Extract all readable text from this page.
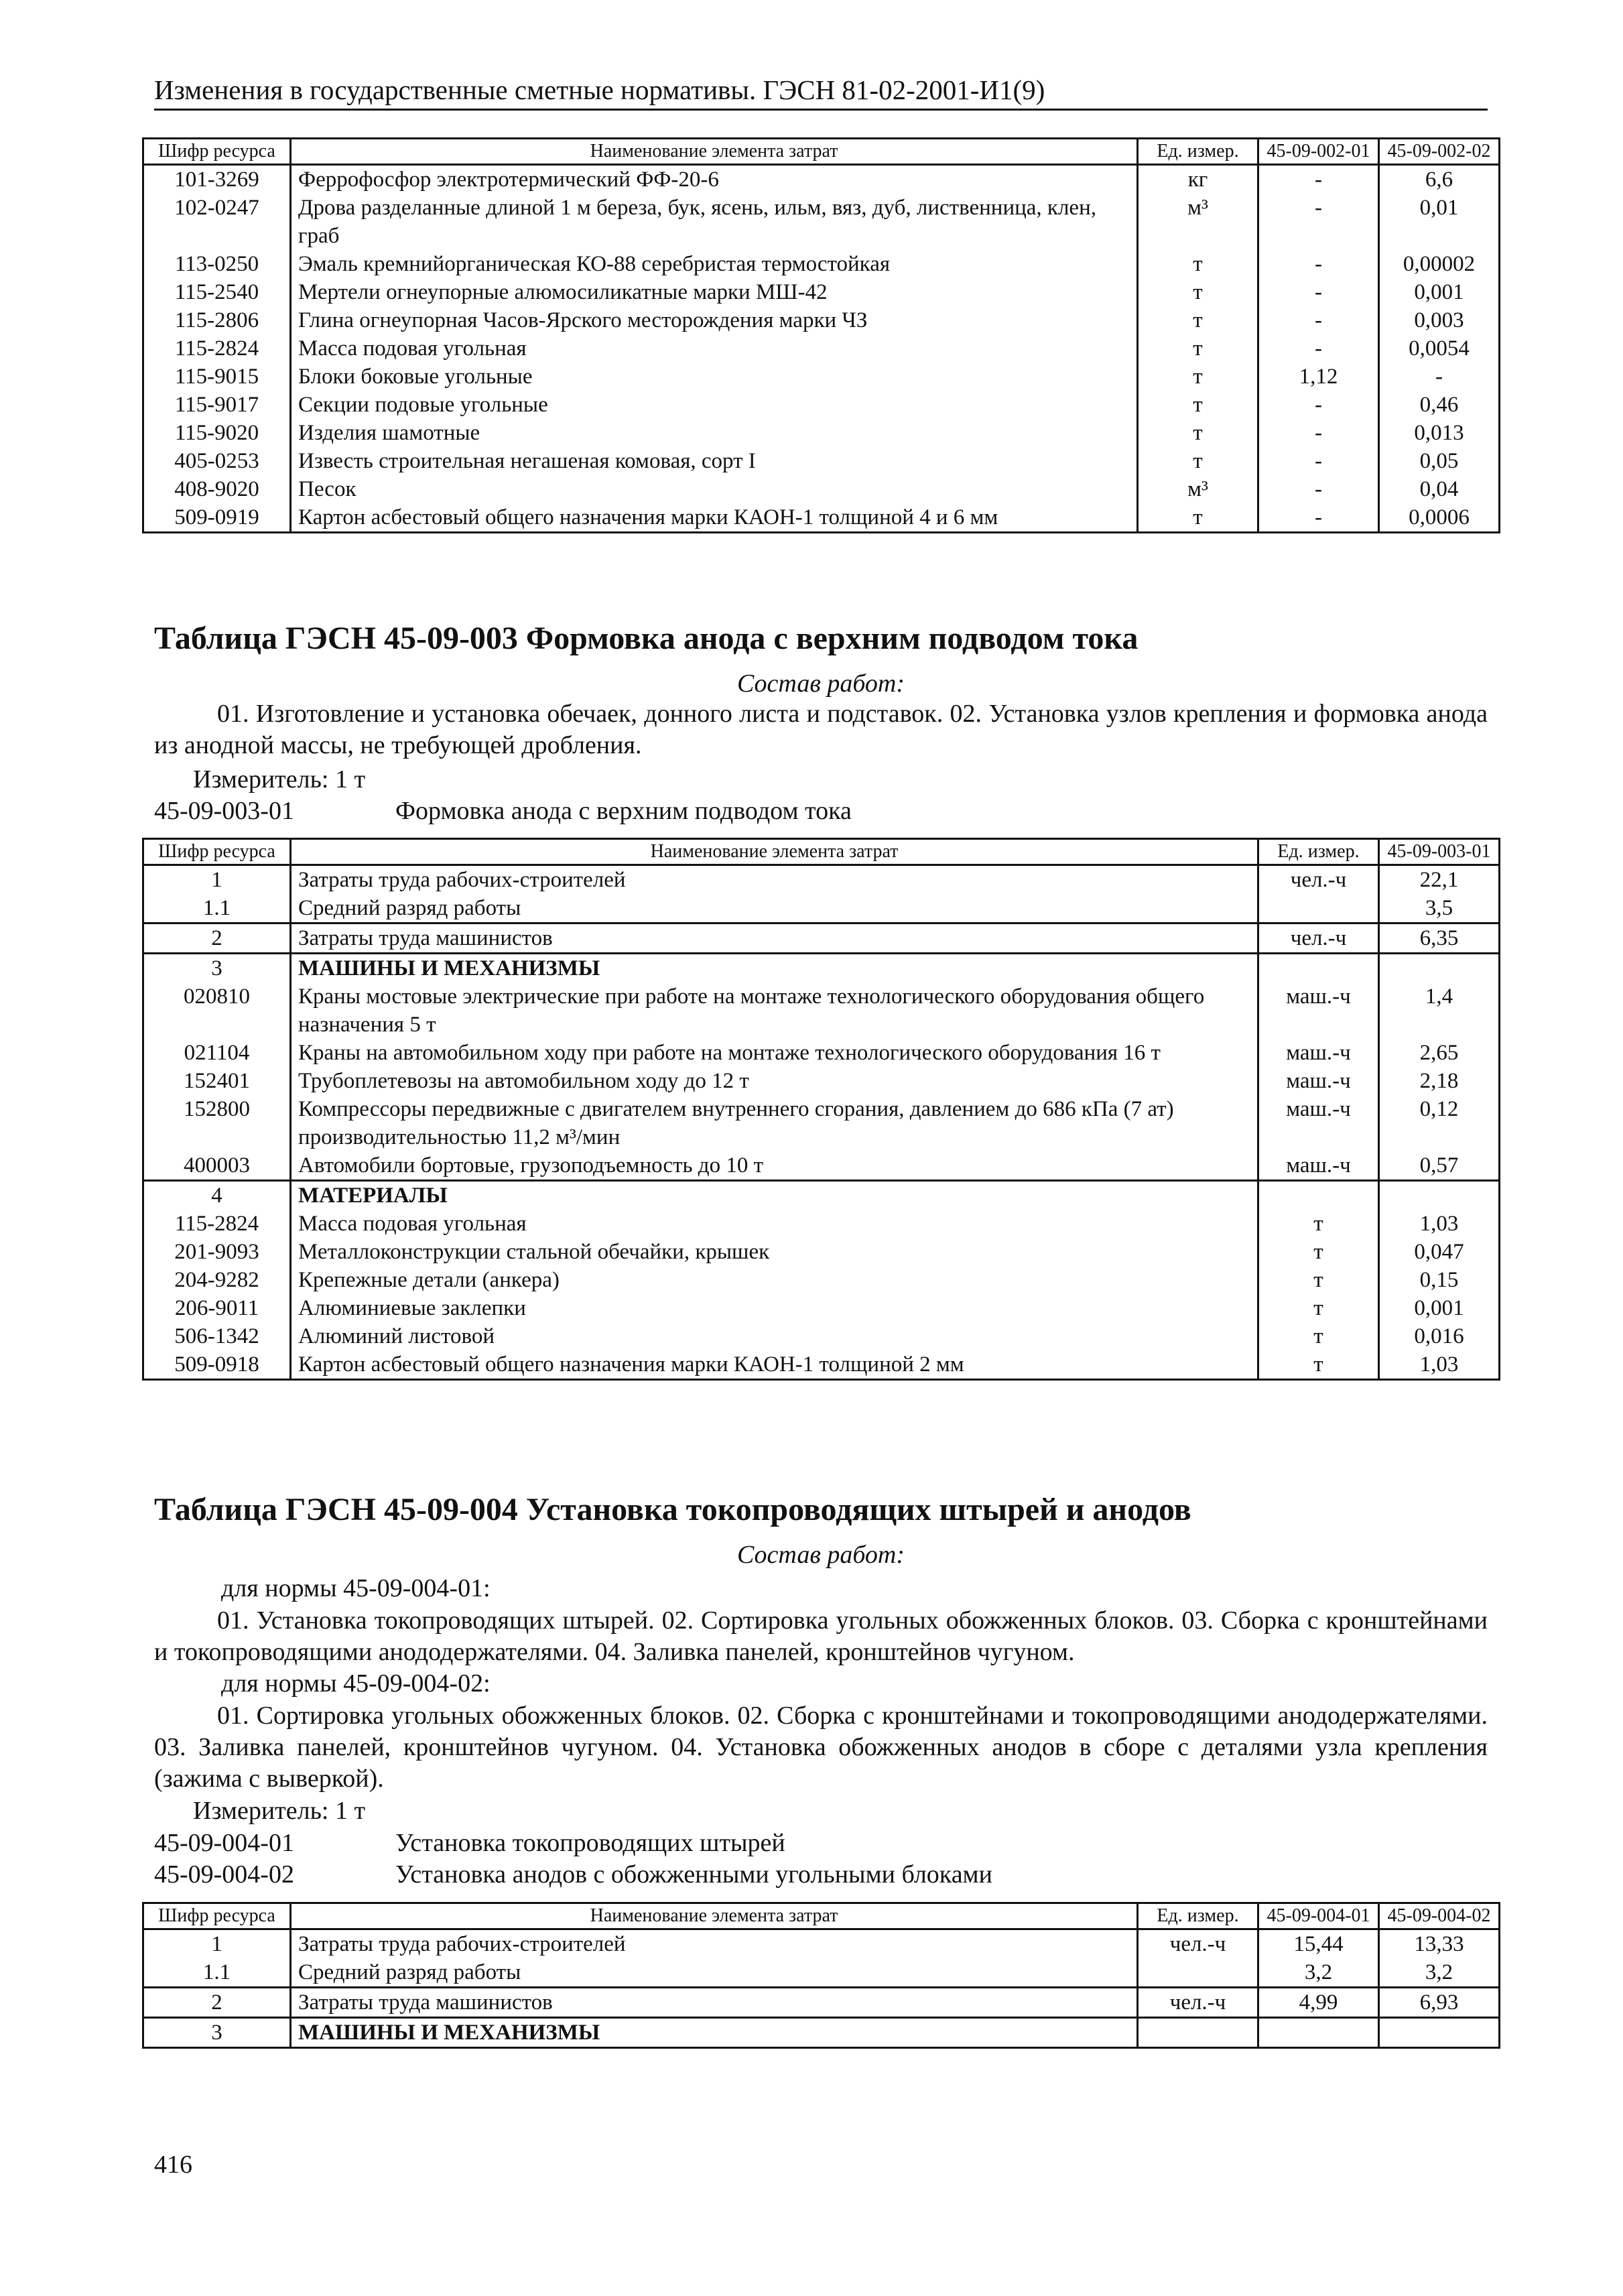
Изменения в государственные сметные нормативы. ГЭСН 81-02-2001-И1(9)
Шифр ресурса	Наименование элемента затрат	Ед. измер.	45-09-002-01	45-09-002-02
101-3269	Феррофосфор электротермический ФФ-20-6	кг	-	6,6
102-0247	Дрова разделанные длиной 1 м береза, бук, ясень, ильм, вяз, дуб, лиственница, клен, граб	м³	-	0,01
113-0250	Эмаль кремнийорганическая КО-88 серебристая термостойкая	т	-	0,00002
115-2540	Мертели огнеупорные алюмосиликатные марки МШ-42	т	-	0,001
115-2806	Глина огнеупорная Часов-Ярского месторождения марки ЧЗ	т	-	0,003
115-2824	Масса подовая угольная	т	-	0,0054
115-9015	Блоки боковые угольные	т	1,12	-
115-9017	Секции подовые угольные	т	-	0,46
115-9020	Изделия шамотные	т	-	0,013
405-0253	Известь строительная негашеная комовая, сорт I	т	-	0,05
408-9020	Песок	м³	-	0,04
509-0919	Картон асбестовый общего назначения марки КАОН-1 толщиной 4 и 6 мм	т	-	0,0006
Таблица ГЭСН 45-09-003 Формовка анода с верхним подводом тока
Состав работ:
01. Изготовление и установка обечаек, донного листа и подставок. 02. Установка узлов крепления и формовка анода из анодной массы, не требующей дробления.
Измеритель: 1 т
45-09-003-01	Формовка анода с верхним подводом тока
Шифр ресурса	Наименование элемента затрат	Ед. измер.	45-09-003-01
1	Затраты труда рабочих-строителей	чел.-ч	22,1
1.1	Средний разряд работы		3,5
2	Затраты труда машинистов	чел.-ч	6,35
3	МАШИНЫ И МЕХАНИЗМЫ		
020810	Краны мостовые электрические при работе на монтаже технологического оборудования общего назначения 5 т	маш.-ч	1,4
021104	Краны на автомобильном ходу при работе на монтаже технологического оборудования 16 т	маш.-ч	2,65
152401	Трубоплетевозы на автомобильном ходу до 12 т	маш.-ч	2,18
152800	Компрессоры передвижные с двигателем внутреннего сгорания, давлением до 686 кПа (7 ат) производительностью 11,2 м³/мин	маш.-ч	0,12
400003	Автомобили бортовые, грузоподъемность до 10 т	маш.-ч	0,57
4	МАТЕРИАЛЫ		
115-2824	Масса подовая угольная	т	1,03
201-9093	Металлоконструкции стальной обечайки, крышек	т	0,047
204-9282	Крепежные детали (анкера)	т	0,15
206-9011	Алюминиевые заклепки	т	0,001
506-1342	Алюминий листовой	т	0,016
509-0918	Картон асбестовый общего назначения марки КАОН-1 толщиной 2 мм	т	1,03
Таблица ГЭСН 45-09-004 Установка токопроводящих штырей и анодов
Состав работ:
для нормы 45-09-004-01:
01. Установка токопроводящих штырей. 02. Сортировка угольных обожженных блоков. 03. Сборка с кронштейнами и токопроводящими анододержателями. 04. Заливка панелей, кронштейнов чугуном.
для нормы 45-09-004-02:
01. Сортировка угольных обожженных блоков. 02. Сборка с кронштейнами и токопроводящими анододержателями. 03. Заливка панелей, кронштейнов чугуном. 04. Установка обожженных анодов в сборе с деталями узла крепления (зажима с выверкой).
Измеритель: 1 т
45-09-004-01	Установка токопроводящих штырей
45-09-004-02	Установка анодов с обожженными угольными блоками
Шифр ресурса	Наименование элемента затрат	Ед. измер.	45-09-004-01	45-09-004-02
1	Затраты труда рабочих-строителей	чел.-ч	15,44	13,33
1.1	Средний разряд работы		3,2	3,2
2	Затраты труда машинистов	чел.-ч	4,99	6,93
3	МАШИНЫ И МЕХАНИЗМЫ			
416
